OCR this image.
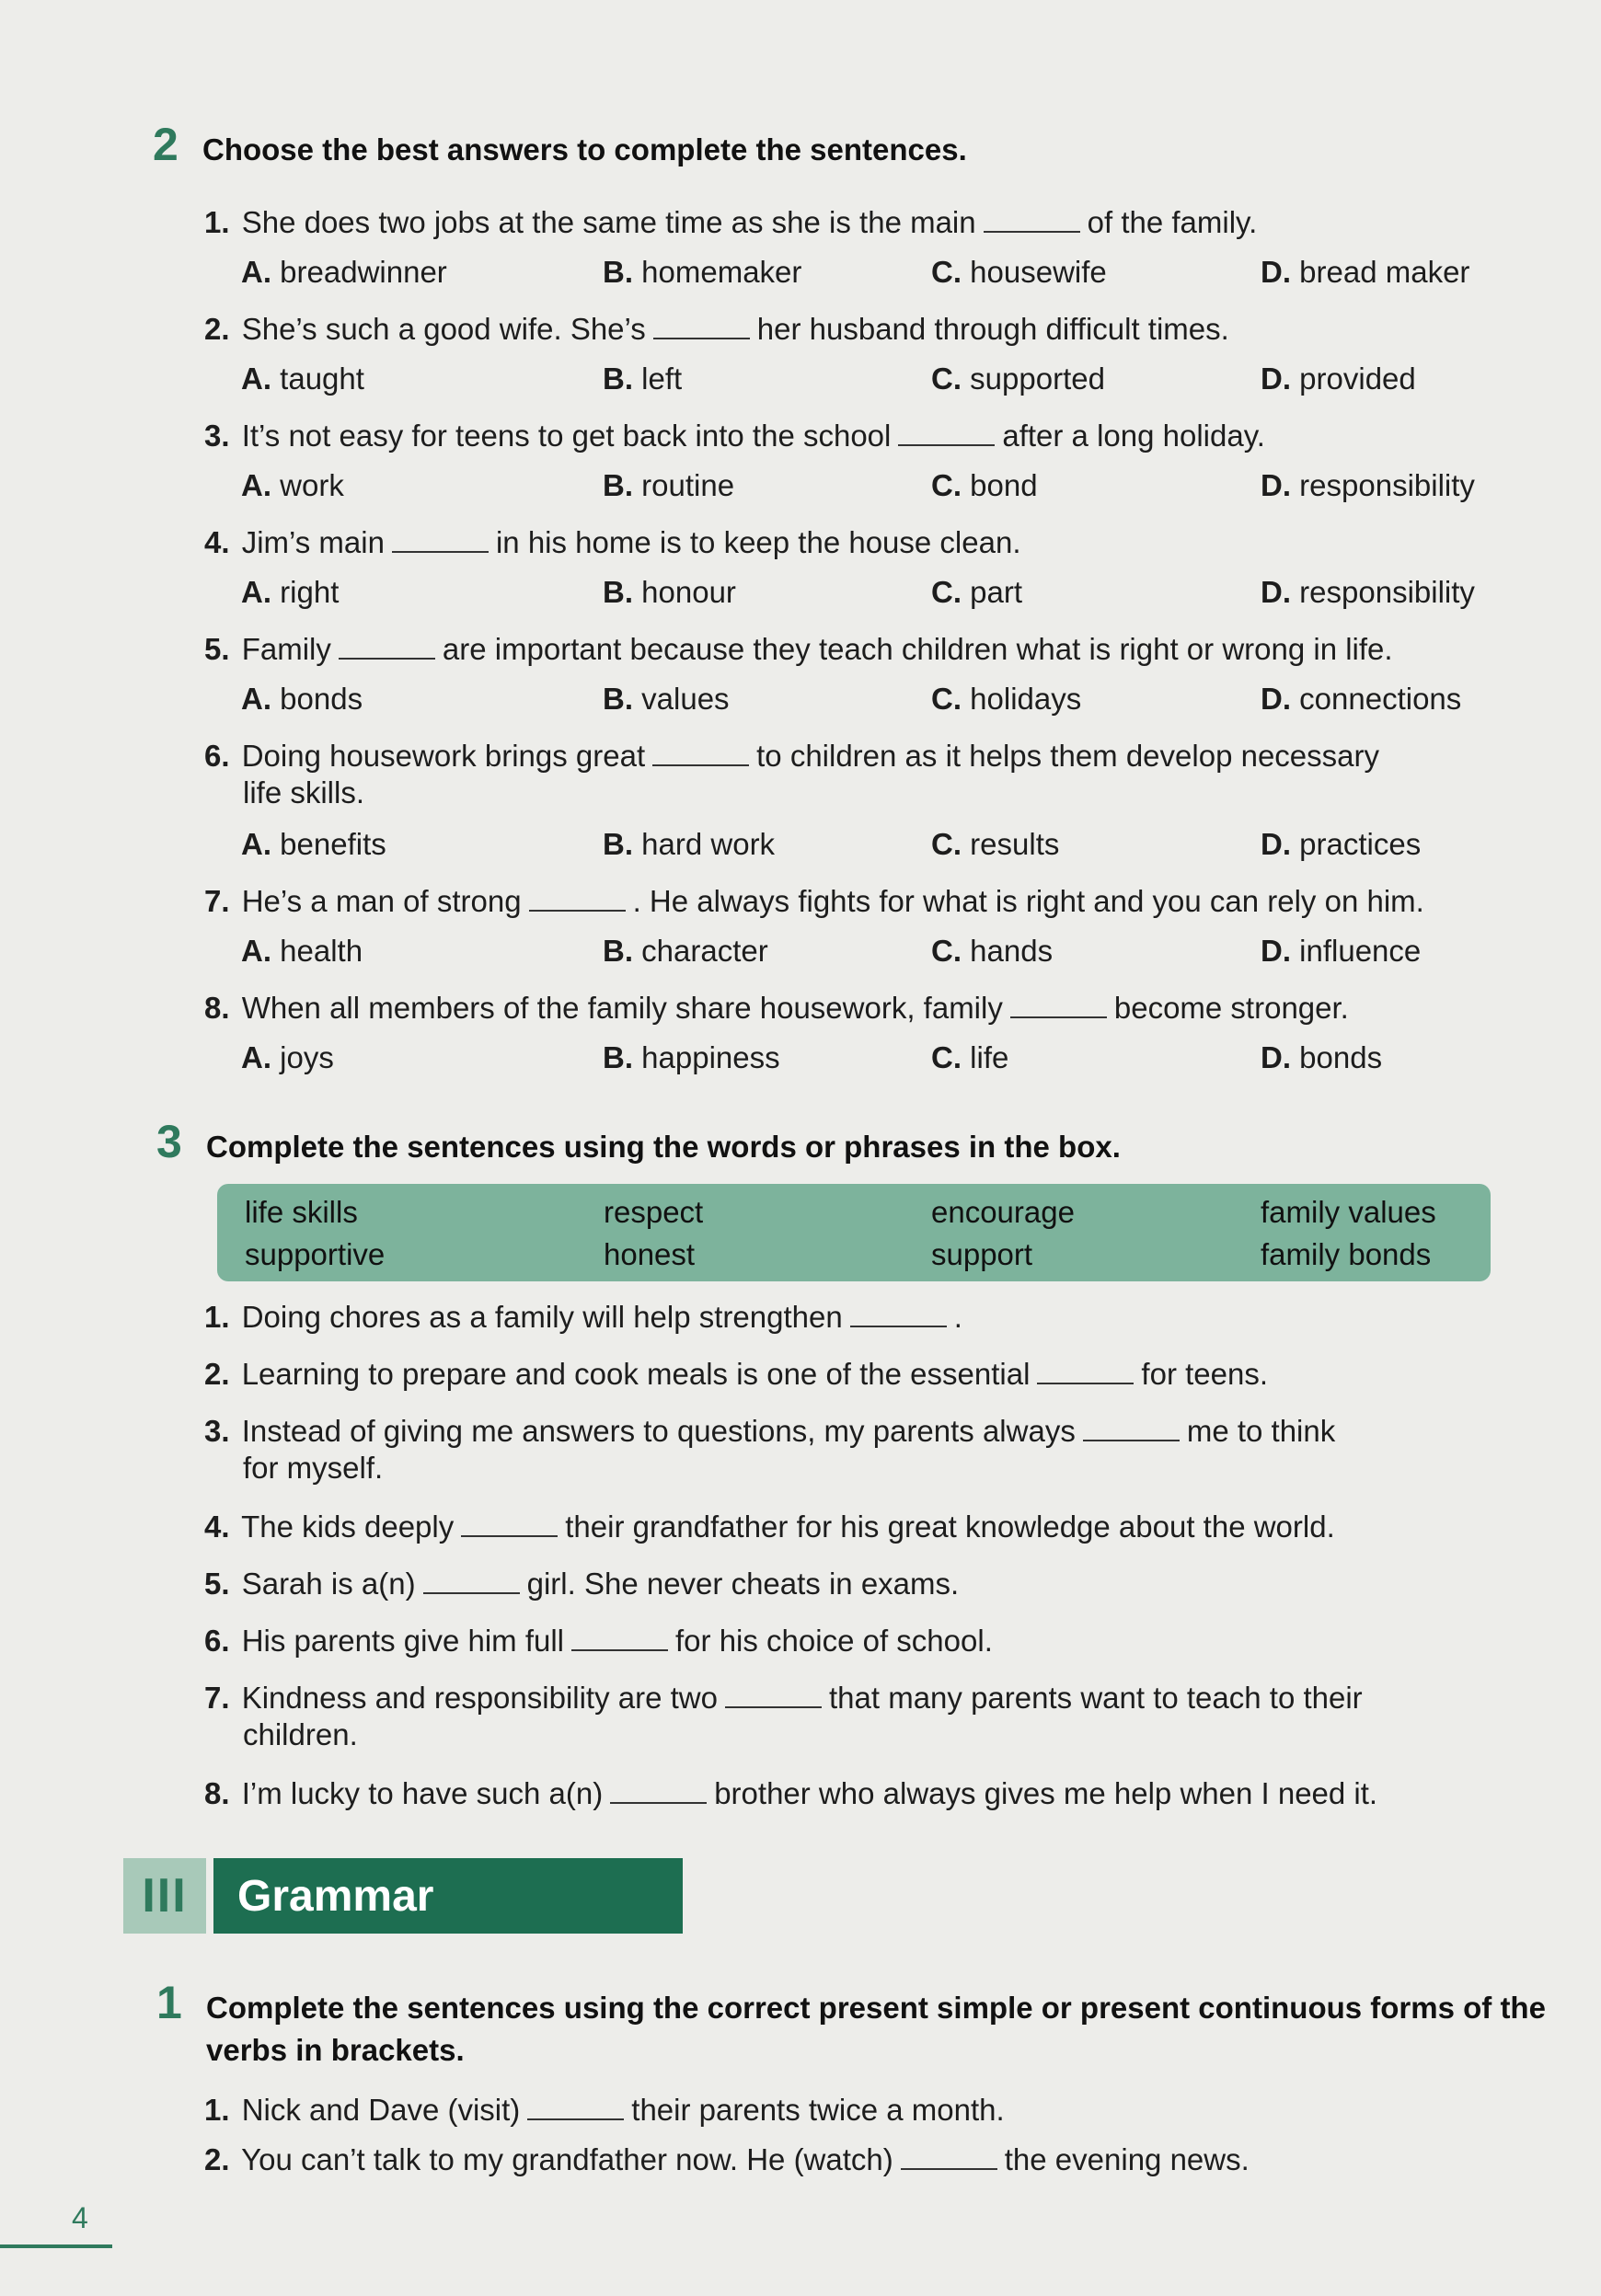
2 Choose the best answers to complete the sentences.
1. She does two jobs at the same time as she is the main	of the family.
A. breadwinner	B. homemaker	C. housewife	D. bread maker
2. She’s such a good wife. She’s	her husband through difficult times.
A. taught	B. left	C. supported	D. provided
3. It’s not easy for teens to get back into the school	after a long holiday.
A. work	B. routine	C. bond	D. responsibility
4. Jim’s main	in his home is to keep the house clean.
A. right	B. honour	C. part	D. responsibility
5. Family	are important because they teach children what is right or wrong in life.
A. bonds	B. values	C. holidays	D. connections
6. Doing housework brings great	to children as it helps them develop necessary
life skills.
A. benefits	B. hard work	C. results	D. practices
7. He’s a man of strong	. He always fights for what is right and you can rely on him.
A. health	B. character	C. hands	D. influence
8. When all members of the family share housework, family	become stronger.
A. joys	B. happiness	C. life	D. bonds
3 Complete the sentences using the words or phrases in the box.
life skills	respect	encourage	family values
supportive	honest	support	family bonds
1. Doing chores as a family will help strengthen	.
2. Learning to prepare and cook meals is one of the essential	for teens.
3. Instead of giving me answers to questions, my parents always	me to think
for myself.
4. The kids deeply	their grandfather for his great knowledge about the world.
5. Sarah is a(n)	girl. She never cheats in exams.
6. His parents give him full	for his choice of school.
7. Kindness and responsibility are two	that many parents want to teach to their
children.
8. I’m lucky to have such a(n)	brother who always gives me help when I need it.
III	Grammar
1 Complete the sentences using the correct present simple or present continuous forms of the verbs in brackets.
1. Nick and Dave (visit)	their parents twice a month.
2. You can’t talk to my grandfather now. He (watch)	the evening news.
4
